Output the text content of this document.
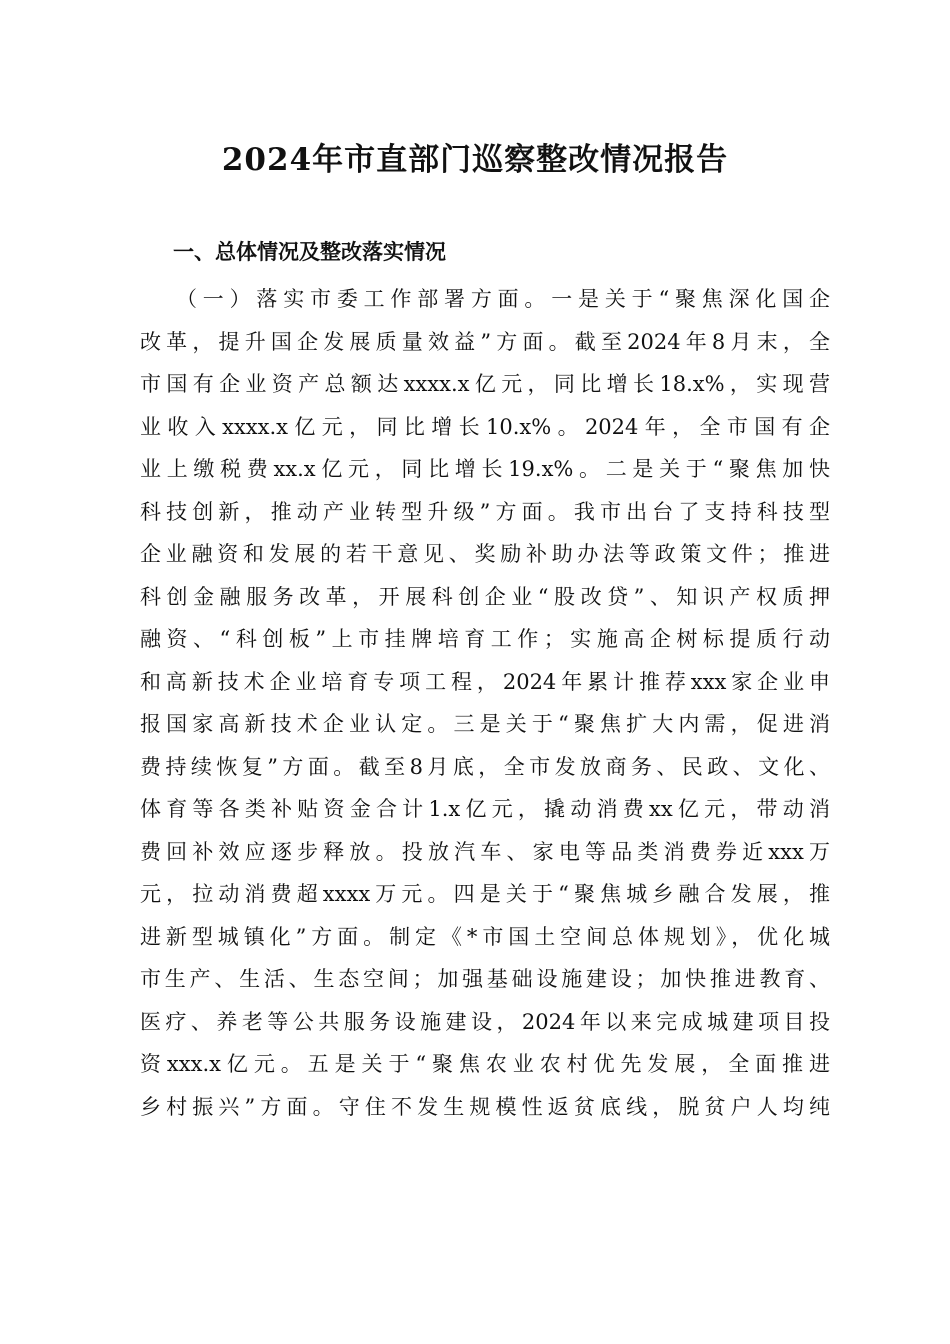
2024年市直部门巡察整改情况报告
一、总体情况及整改落实情况
（一）落实市委工作部署方面。一是关于“聚焦深化国企
改革，提升国企发展质量效益”方面。截至2024年8月末，全
市国有企业资产总额达xxxx.x亿元，同比增长18.x%，实现营
业收入xxxx.x亿元，同比增长10.x%。2024年，全市国有企
业上缴税费xx.x亿元，同比增长19.x%。二是关于“聚焦加快
科技创新，推动产业转型升级”方面。我市出台了支持科技型
企业融资和发展的若干意见、奖励补助办法等政策文件；推进
科创金融服务改革，开展科创企业“股改贷”、知识产权质押
融资、“科创板”上市挂牌培育工作；实施高企树标提质行动
和高新技术企业培育专项工程，2024年累计推荐xxx家企业申
报国家高新技术企业认定。三是关于“聚焦扩大内需，促进消
费持续恢复”方面。截至8月底，全市发放商务、民政、文化、
体育等各类补贴资金合计1.x亿元，撬动消费xx亿元，带动消
费回补效应逐步释放。投放汽车、家电等品类消费券近xxx万
元，拉动消费超xxxx万元。四是关于“聚焦城乡融合发展，推
进新型城镇化”方面。制定《*市国土空间总体规划》，优化城
市生产、生活、生态空间；加强基础设施建设；加快推进教育、
医疗、养老等公共服务设施建设，2024年以来完成城建项目投
资xxx.x亿元。五是关于“聚焦农业农村优先发展，全面推进
乡村振兴”方面。守住不发生规模性返贫底线，脱贫户人均纯
